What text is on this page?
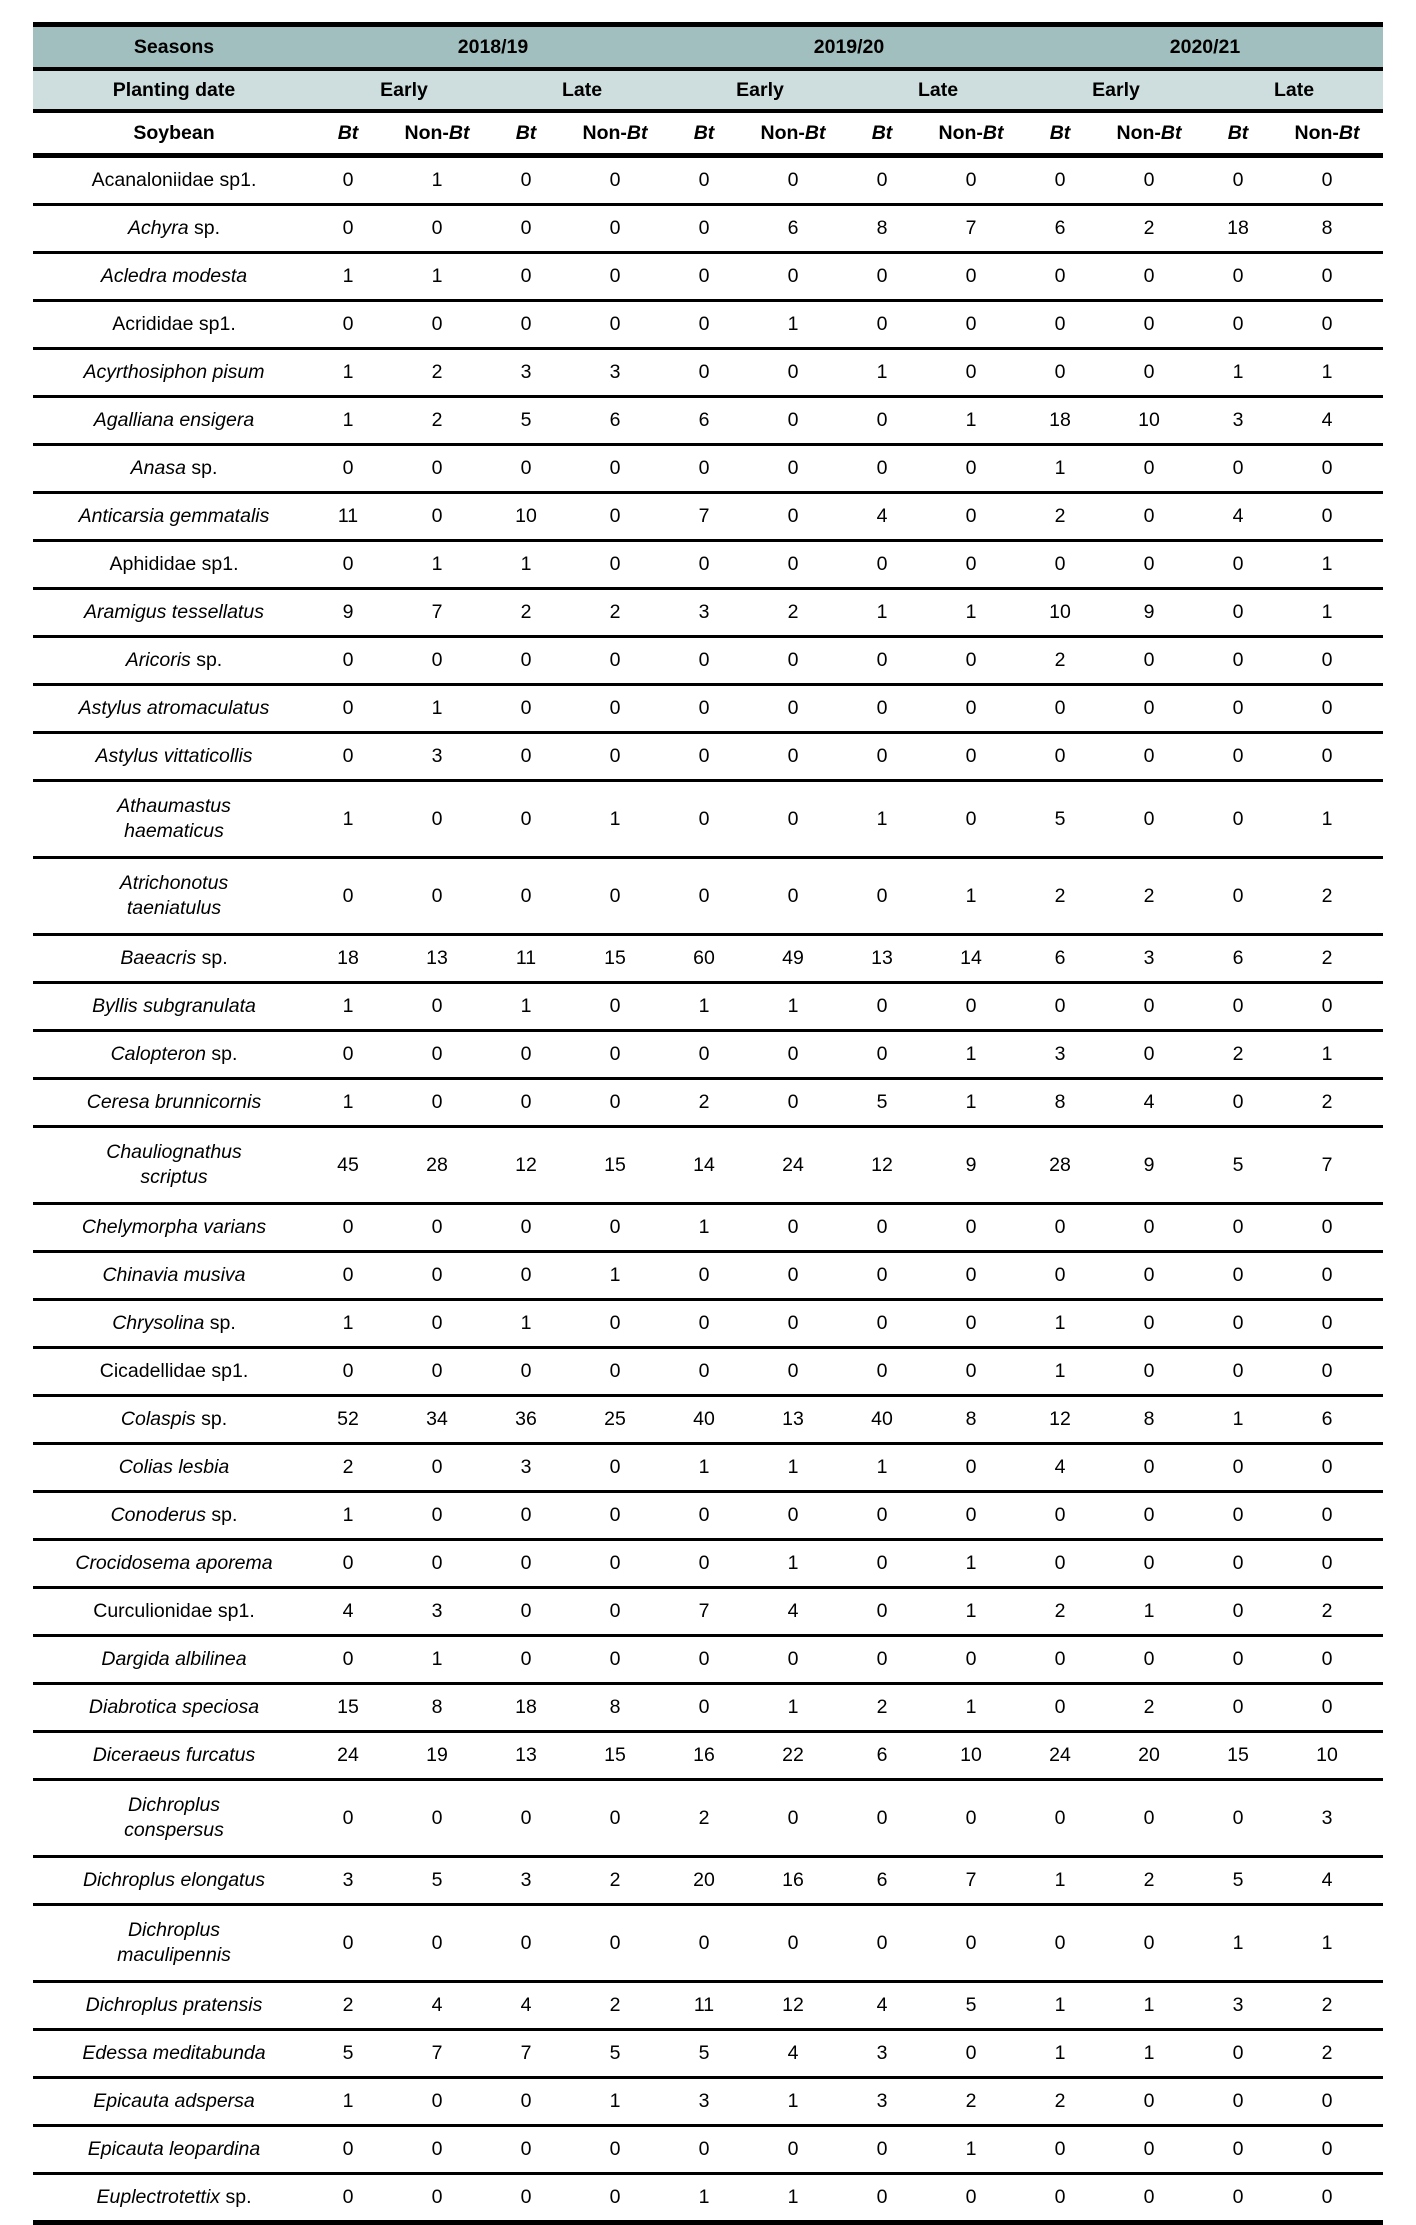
Seasons	2018/19				2019/20				2020/21			
Planting date	Early		Late		Early		Late		Early		Late	
Soybean	Bt	Non-Bt	Bt	Non-Bt	Bt	Non-Bt	Bt	Non-Bt	Bt	Non-Bt	Bt	Non-Bt
Acanaloniidae sp1.	0	1	0	0	0	0	0	0	0	0	0	0
Achyra sp.	0	0	0	0	0	6	8	7	6	2	18	8
Acledra modesta	1	1	0	0	0	0	0	0	0	0	0	0
Acrididae sp1.	0	0	0	0	0	1	0	0	0	0	0	0
Acyrthosiphon pisum	1	2	3	3	0	0	1	0	0	0	1	1
Agalliana ensigera	1	2	5	6	6	0	0	1	18	10	3	4
Anasa sp.	0	0	0	0	0	0	0	0	1	0	0	0
Anticarsia gemmatalis	11	0	10	0	7	0	4	0	2	0	4	0
Aphididae sp1.	0	1	1	0	0	0	0	0	0	0	0	1
Aramigus tessellatus	9	7	2	2	3	2	1	1	10	9	0	1
Aricoris sp.	0	0	0	0	0	0	0	0	2	0	0	0
Astylus atromaculatus	0	1	0	0	0	0	0	0	0	0	0	0
Astylus vittaticollis	0	3	0	0	0	0	0	0	0	0	0	0
Athaumastus
haematicus	1	0	0	1	0	0	1	0	5	0	0	1
Atrichonotus
taeniatulus	0	0	0	0	0	0	0	1	2	2	0	2
Baeacris sp.	18	13	11	15	60	49	13	14	6	3	6	2
Byllis subgranulata	1	0	1	0	1	1	0	0	0	0	0	0
Calopteron sp.	0	0	0	0	0	0	0	1	3	0	2	1
Ceresa brunnicornis	1	0	0	0	2	0	5	1	8	4	0	2
Chauliognathus
scriptus	45	28	12	15	14	24	12	9	28	9	5	7
Chelymorpha varians	0	0	0	0	1	0	0	0	0	0	0	0
Chinavia musiva	0	0	0	1	0	0	0	0	0	0	0	0
Chrysolina sp.	1	0	1	0	0	0	0	0	1	0	0	0
Cicadellidae sp1.	0	0	0	0	0	0	0	0	1	0	0	0
Colaspis sp.	52	34	36	25	40	13	40	8	12	8	1	6
Colias lesbia	2	0	3	0	1	1	1	0	4	0	0	0
Conoderus sp.	1	0	0	0	0	0	0	0	0	0	0	0
Crocidosema aporema	0	0	0	0	0	1	0	1	0	0	0	0
Curculionidae sp1.	4	3	0	0	7	4	0	1	2	1	0	2
Dargida albilinea	0	1	0	0	0	0	0	0	0	0	0	0
Diabrotica speciosa	15	8	18	8	0	1	2	1	0	2	0	0
Diceraeus furcatus	24	19	13	15	16	22	6	10	24	20	15	10
Dichroplus
conspersus	0	0	0	0	2	0	0	0	0	0	0	3
Dichroplus elongatus	3	5	3	2	20	16	6	7	1	2	5	4
Dichroplus
maculipennis	0	0	0	0	0	0	0	0	0	0	1	1
Dichroplus pratensis	2	4	4	2	11	12	4	5	1	1	3	2
Edessa meditabunda	5	7	7	5	5	4	3	0	1	1	0	2
Epicauta adspersa	1	0	0	1	3	1	3	2	2	0	0	0
Epicauta leopardina	0	0	0	0	0	0	0	1	0	0	0	0
Euplectrotettix sp.	0	0	0	0	1	1	0	0	0	0	0	0
